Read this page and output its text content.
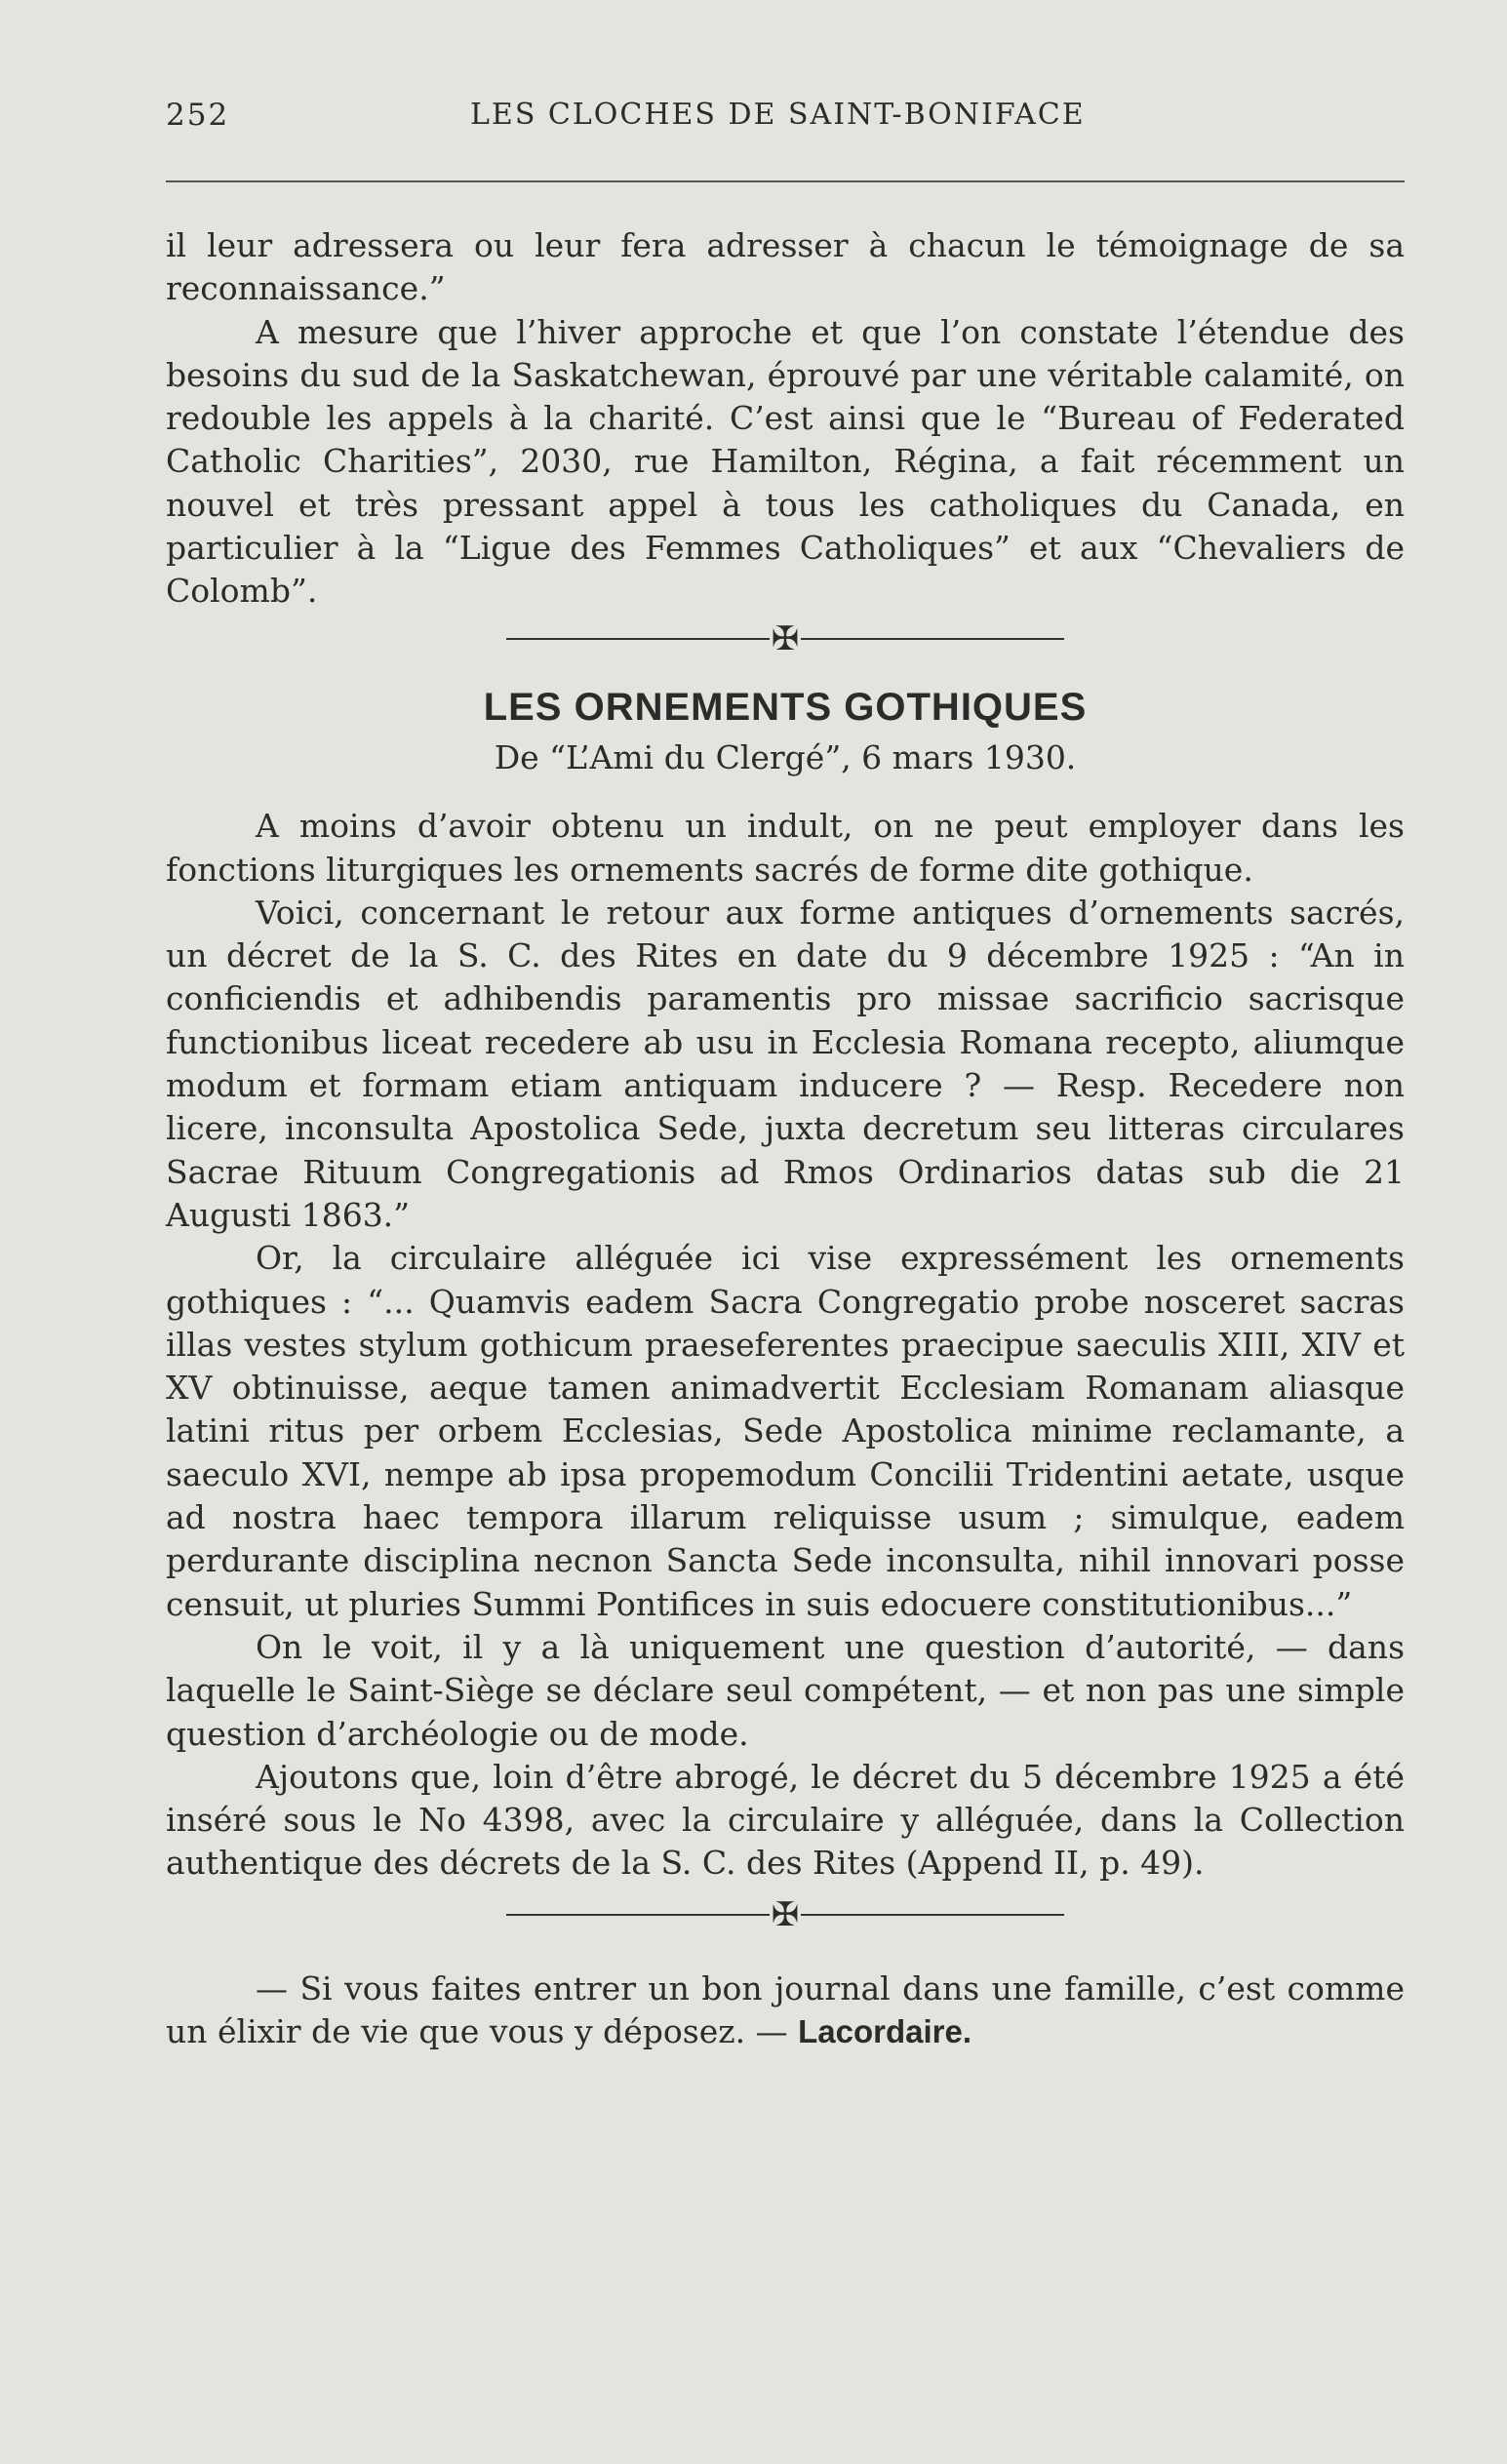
252	LES CLOCHES DE SAINT-BONIFACE

il leur adressera ou leur fera adresser à chacun le témoignage de sa reconnaissance.”

A mesure que l’hiver approche et que l’on constate l’étendue des besoins du sud de la Saskatchewan, éprouvé par une véritable calamité, on redouble les appels à la charité. C’est ainsi que le “Bureau of Federated Catholic Charities”, 2030, rue Hamilton, Régina, a fait récemment un nouvel et très pressant appel à tous les catholiques du Canada, en particulier à la “Ligue des Femmes Catholiques” et aux “Chevaliers de Colomb”.

✠
LES ORNEMENTS GOTHIQUES
De “L’Ami du Clergé”, 6 mars 1930.

A moins d’avoir obtenu un indult, on ne peut employer dans les fonctions liturgiques les ornements sacrés de forme dite gothique.

Voici, concernant le retour aux forme antiques d’ornements sacrés, un décret de la S. C. des Rites en date du 9 décembre 1925 : “An in conficiendis et adhibendis paramentis pro missae sacrificio sacrisque functionibus liceat recedere ab usu in Ecclesia Romana recepto, aliumque modum et formam etiam antiquam inducere ? — Resp. Recedere non licere, inconsulta Apostolica Sede, juxta decretum seu litteras circulares Sacrae Rituum Congregationis ad Rmos Ordinarios datas sub die 21 Augusti 1863.”

Or, la circulaire alléguée ici vise expressément les ornements gothiques : “... Quamvis eadem Sacra Congregatio probe nosceret sacras illas vestes stylum gothicum praeseferentes praecipue saeculis XIII, XIV et XV obtinuisse, aeque tamen animadvertit Ecclesiam Romanam aliasque latini ritus per orbem Ecclesias, Sede Apostolica minime reclamante, a saeculo XVI, nempe ab ipsa propemodum Concilii Tridentini aetate, usque ad nostra haec tempora illarum reliquisse usum ; simulque, eadem perdurante disciplina necnon Sancta Sede inconsulta, nihil innovari posse censuit, ut pluries Summi Pontifices in suis edocuere constitutionibus...”

On le voit, il y a là uniquement une question d’autorité, — dans laquelle le Saint-Siège se déclare seul compétent, — et non pas une simple question d’archéologie ou de mode.

Ajoutons que, loin d’être abrogé, le décret du 5 décembre 1925 a été inséré sous le No 4398, avec la circulaire y alléguée, dans la Collection authentique des décrets de la S. C. des Rites (Append II, p. 49).

✠

— Si vous faites entrer un bon journal dans une famille, c’est comme un élixir de vie que vous y déposez. — Lacordaire.
